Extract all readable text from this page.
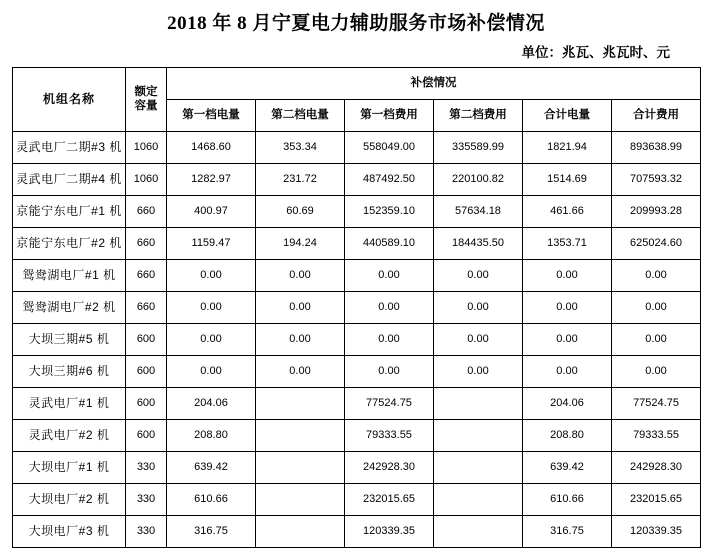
2018 年 8 月宁夏电力辅助服务市场补偿情况
单位：兆瓦、兆瓦时、元
机组名称	额定
容量	补偿情况					
		第一档电量	第二档电量	第一档费用	第二档费用	合计电量	合计费用
灵武电厂二期#3 机	1060	1468.60	353.34	558049.00	335589.99	1821.94	893638.99
灵武电厂二期#4 机	1060	1282.97	231.72	487492.50	220100.82	1514.69	707593.32
京能宁东电厂#1 机	660	400.97	60.69	152359.10	57634.18	461.66	209993.28
京能宁东电厂#2 机	660	1159.47	194.24	440589.10	184435.50	1353.71	625024.60
鸳鸯湖电厂#1 机	660	0.00	0.00	0.00	0.00	0.00	0.00
鸳鸯湖电厂#2 机	660	0.00	0.00	0.00	0.00	0.00	0.00
大坝三期#5 机	600	0.00	0.00	0.00	0.00	0.00	0.00
大坝三期#6 机	600	0.00	0.00	0.00	0.00	0.00	0.00
灵武电厂#1 机	600	204.06		77524.75		204.06	77524.75
灵武电厂#2 机	600	208.80		79333.55		208.80	79333.55
大坝电厂#1 机	330	639.42		242928.30		639.42	242928.30
大坝电厂#2 机	330	610.66		232015.65		610.66	232015.65
大坝电厂#3 机	330	316.75		120339.35		316.75	120339.35
